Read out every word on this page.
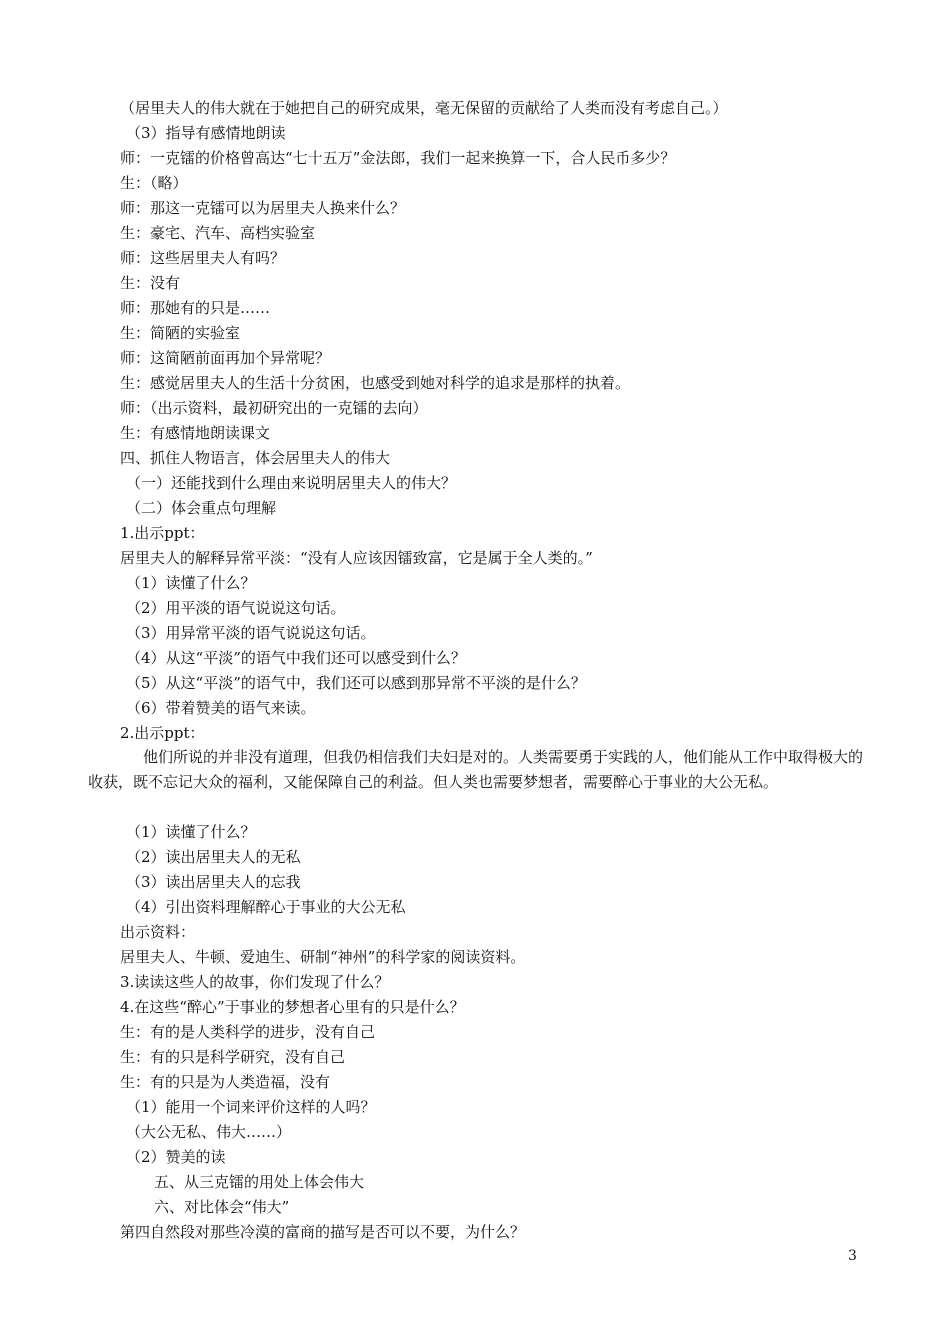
（居里夫人的伟大就在于她把自己的研究成果，毫无保留的贡献给了人类而没有考虑自己。）
（3）指导有感情地朗读
师：一克镭的价格曾高达“七十五万”金法郎，我们一起来换算一下，合人民币多少？
生：（略）
师：那这一克镭可以为居里夫人换来什么？
生：豪宅、汽车、高档实验室
师：这些居里夫人有吗？
生：没有
师：那她有的只是……
生：简陋的实验室
师：这简陋前面再加个异常呢？
生：感觉居里夫人的生活十分贫困，也感受到她对科学的追求是那样的执着。
师：（出示资料，最初研究出的一克镭的去向）
生：有感情地朗读课文
四、抓住人物语言，体会居里夫人的伟大
（一）还能找到什么理由来说明居里夫人的伟大？
（二）体会重点句理解
1.出示ppt：
居里夫人的解释异常平淡：“没有人应该因镭致富，它是属于全人类的。”
（1）读懂了什么？
（2）用平淡的语气说说这句话。
（3）用异常平淡的语气说说这句话。
（4）从这“平淡”的语气中我们还可以感受到什么？
（5）从这“平淡”的语气中，我们还可以感到那异常不平淡的是什么？
（6）带着赞美的语气来读。
2.出示ppt：
他们所说的并非没有道理，但我仍相信我们夫妇是对的。人类需要勇于实践的人，他们能从工作中取得极大的收获，既不忘记大众的福利，又能保障自己的利益。但人类也需要梦想者，需要醉心于事业的大公无私。
（1）读懂了什么？
（2）读出居里夫人的无私
（3）读出居里夫人的忘我
（4）引出资料理解醉心于事业的大公无私
出示资料：
居里夫人、牛顿、爱迪生、研制“神州”的科学家的阅读资料。
3.读读这些人的故事，你们发现了什么？
4.在这些“醉心”于事业的梦想者心里有的只是什么？
生：有的是人类科学的进步，没有自己
生：有的只是科学研究，没有自己
生：有的只是为人类造福，没有
（1）能用一个词来评价这样的人吗？
（大公无私、伟大……）
（2）赞美的读
五、从三克镭的用处上体会伟大
六、对比体会“伟大”
第四自然段对那些冷漠的富商的描写是否可以不要，为什么？
3
